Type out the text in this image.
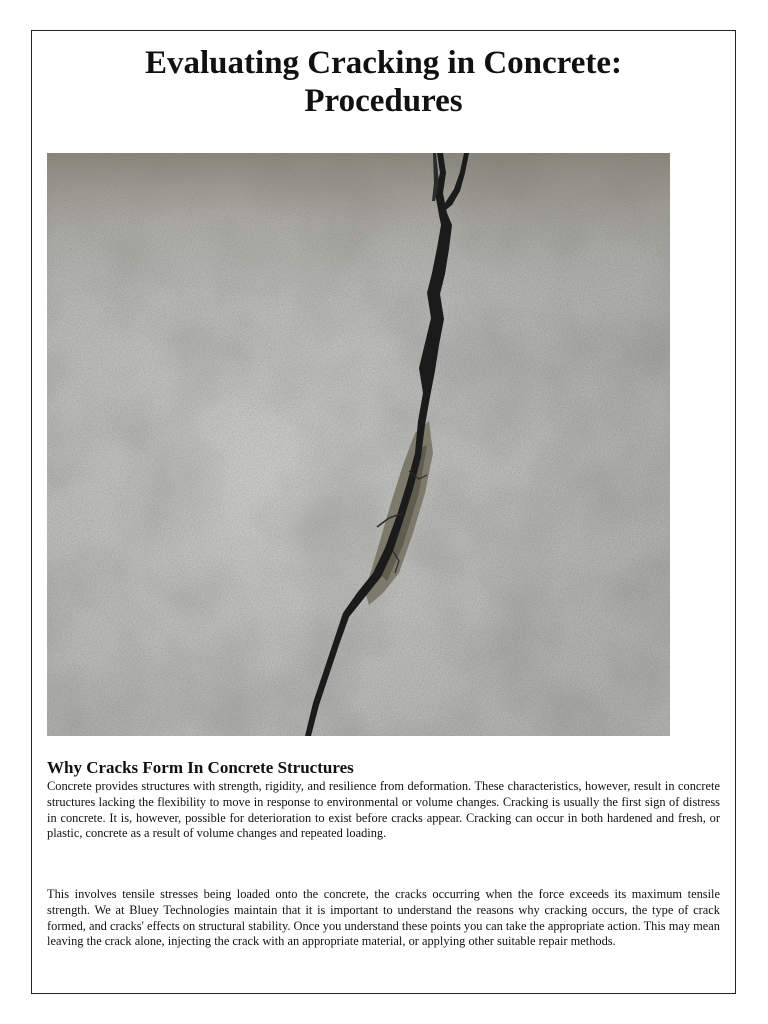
Evaluating Cracking in Concrete:
Procedures
Why Cracks Form In Concrete Structures

Concrete provides structures with strength, rigidity, and resilience from deformation. These characteristics, however, result in concrete structures lacking the flexibility to move in response to environmental or volume changes. Cracking is usually the first sign of distress in concrete. It is, however, possible for deterioration to exist before cracks appear. Cracking can occur in both hardened and fresh, or plastic, concrete as a result of volume changes and repeated loading.

This involves tensile stresses being loaded onto the concrete, the cracks occurring when the force exceeds its maximum tensile strength. We at Bluey Technologies maintain that it is important to understand the reasons why cracking occurs, the type of crack formed, and cracks' effects on structural stability. Once you understand these points you can take the appropriate action. This may mean leaving the crack alone, injecting the crack with an appropriate material, or applying other suitable repair methods.
